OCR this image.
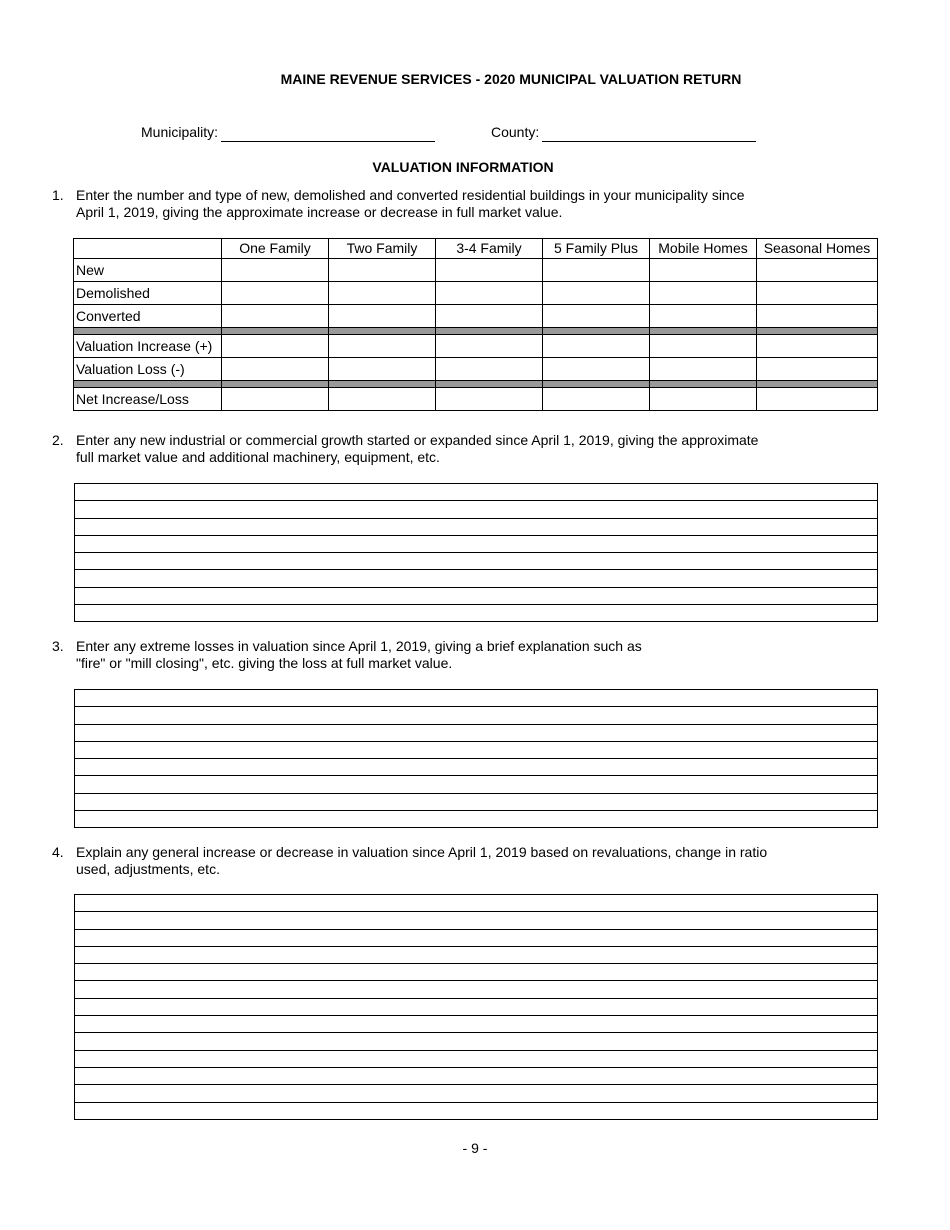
MAINE REVENUE SERVICES - 2020 MUNICIPAL VALUATION RETURN
Municipality:	County:
VALUATION INFORMATION
1. Enter the number and type of new, demolished and converted residential buildings in your municipality since
April 1, 2019, giving the approximate increase or decrease in full market value.
	One Family	Two Family	3-4 Family	5 Family Plus	Mobile Homes	Seasonal Homes
New						
Demolished						
Converted						

Valuation Increase (+)						
Valuation Loss (-)						

Net Increase/Loss						
2. Enter any new industrial or commercial growth started or expanded since April 1, 2019, giving the approximate
full market value and additional machinery, equipment, etc.
3. Enter any extreme losses in valuation since April 1, 2019, giving a brief explanation such as
"fire" or "mill closing", etc. giving the loss at full market value.
4. Explain any general increase or decrease in valuation since April 1, 2019 based on revaluations, change in ratio
used, adjustments, etc.
- 9 -
